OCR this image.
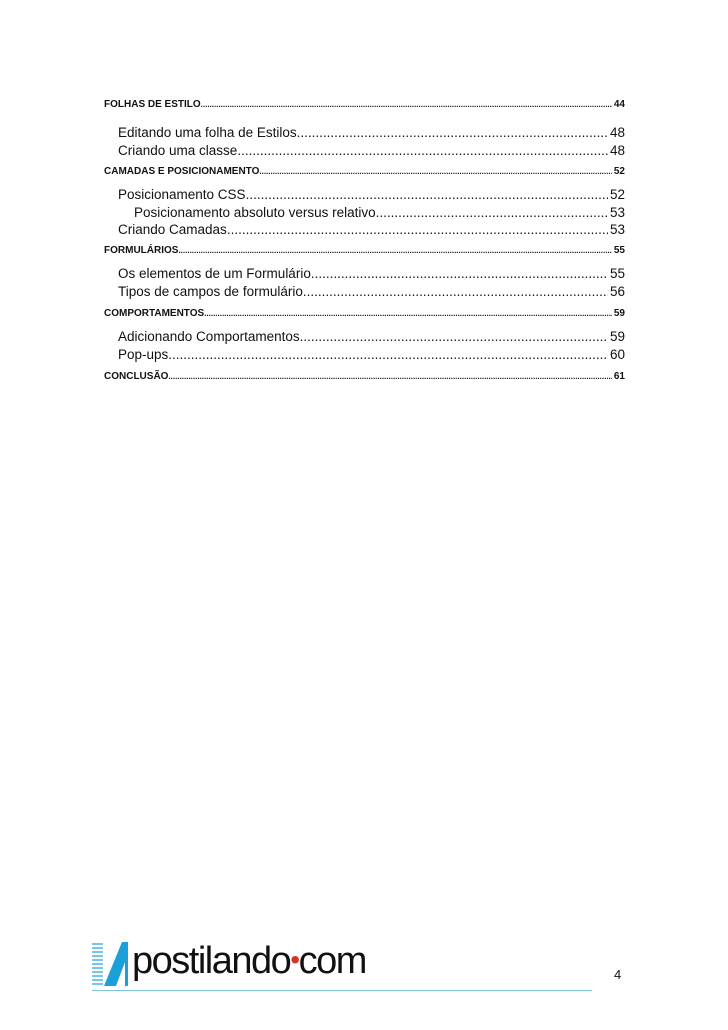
FOLHAS DE ESTILO .....	44
Editando uma folha de Estilos .....	48
Criando uma classe .....	48
CAMADAS E POSICIONAMENTO .....	52
Posicionamento CSS .....	52
Posicionamento absoluto versus relativo .....	53
Criando Camadas .....	53
FORMULÁRIOS .....	55
Os elementos de um Formulário .....	55
Tipos de campos de formulário .....	56
COMPORTAMENTOS .....	59
Adicionando Comportamentos .....	59
Pop-ups .....	60
CONCLUSÃO .....	61
postilando•com	4
